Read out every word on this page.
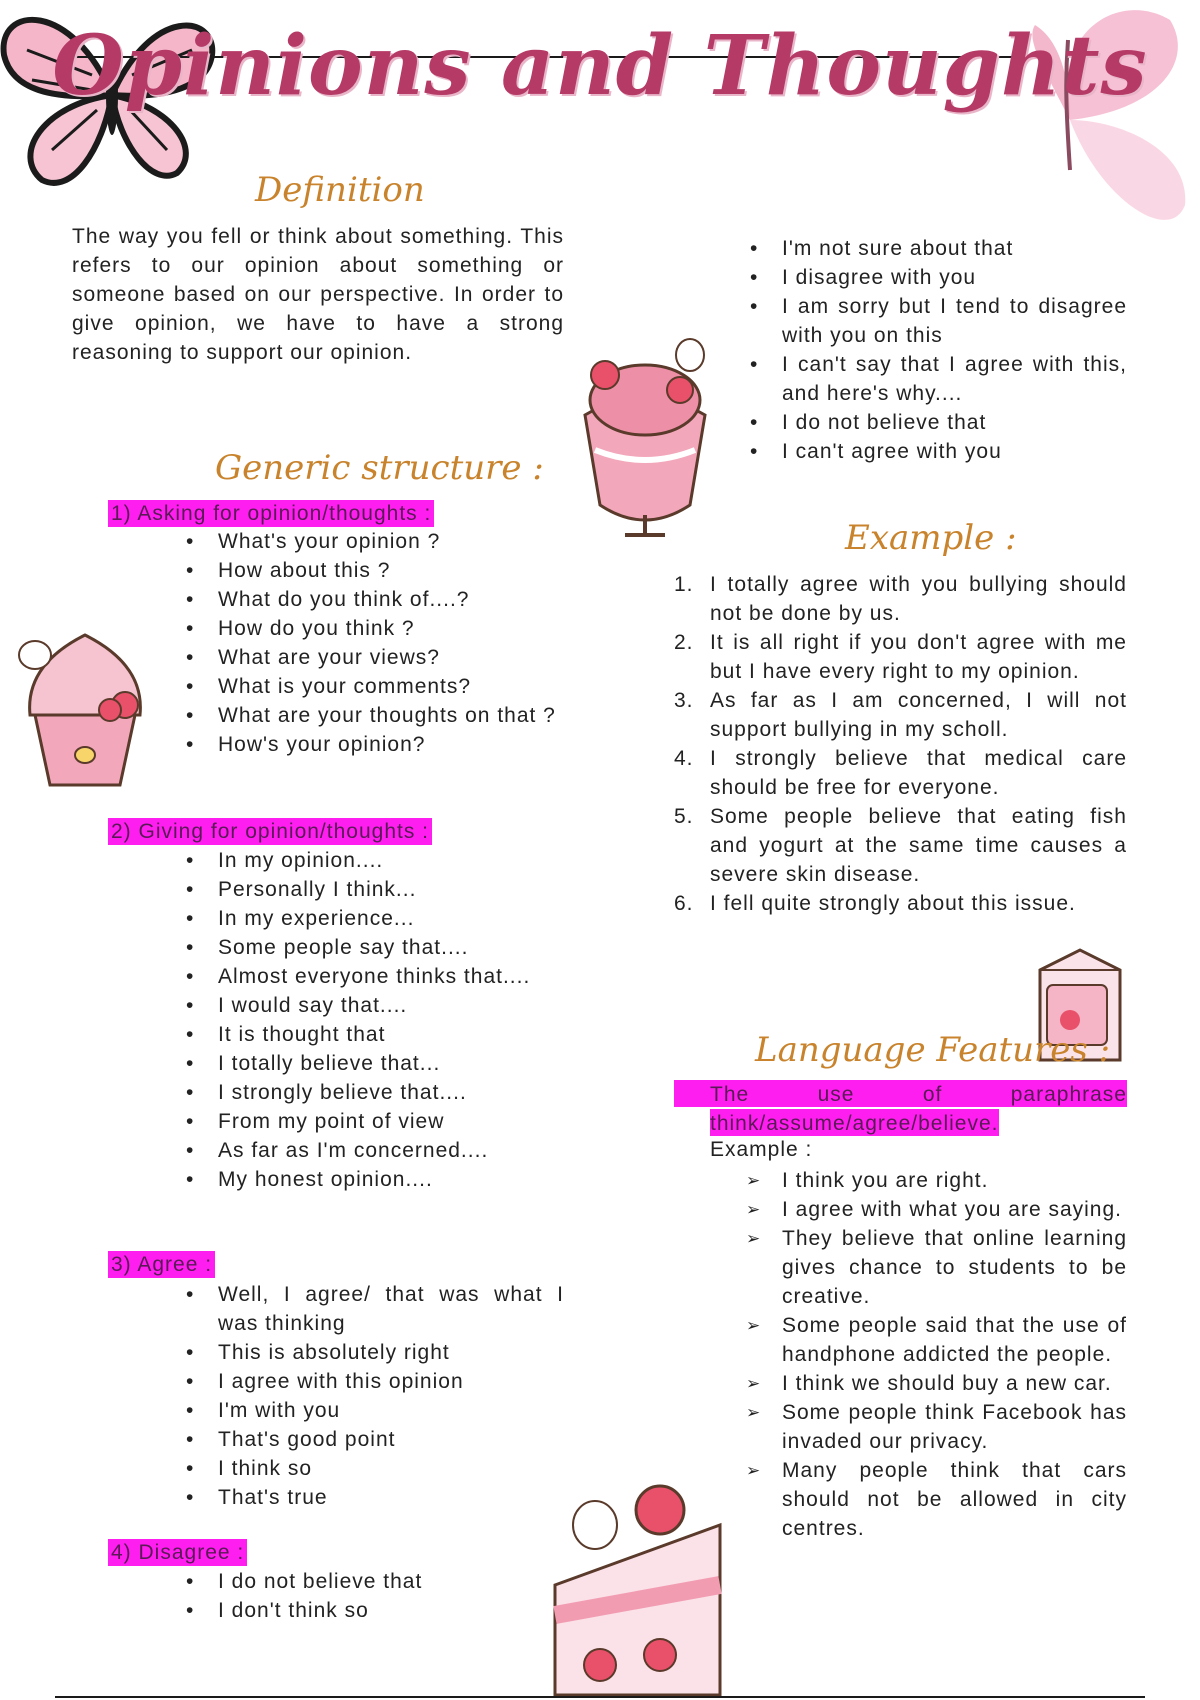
Opinions and Thoughts
Definition

The way you fell or think about something. This refers to our opinion about something or someone based on our perspective. In order to give opinion, we have to have a strong reasoning to support our opinion.

Generic structure :
1) Asking for opinion/thoughts :
• What's your opinion ?
• How about this ?
• What do you think of....?
• How do you think ?
• What are your views?
• What is your comments?
• What are your thoughts on that ?
• How's your opinion?
2) Giving for opinion/thoughts :
• In my opinion....
• Personally I think...
• In my experience...
• Some people say that....
• Almost everyone thinks that....
• I would say that....
• It is thought that
• I totally believe that...
• I strongly believe that....
• From my point of view
• As far as I'm concerned....
• My honest opinion....
3) Agree :
• Well, I agree/ that was what I was thinking
• This is absolutely right
• I agree with this opinion
• I'm with you
• That's good point
• I think so
• That's true
4) Disagree :
• I do not believe that
• I don't think so
• I'm not sure about that
• I disagree with you
• I am sorry but I tend to disagree with you on this
• I can't say that I agree with this, and here's why....
• I do not believe that
• I can't agree with you
Example :
1. I totally agree with you bullying should not be done by us.
2. It is all right if you don't agree with me but I have every right to my opinion.
3. As far as I am concerned, I will not support bullying in my scholl.
4. I strongly believe that medical care should be free for everyone.
5. Some people believe that eating fish and yogurt at the same time causes a severe skin disease.
6. I fell quite strongly about this issue.
Language Features :
The use of paraphrase
think/assume/agree/believe.
Example :
➢ I think you are right.
➢ I agree with what you are saying.
➢ They believe that online learning gives chance to students to be creative.
➢ Some people said that the use of handphone addicted the people.
➢ I think we should buy a new car.
➢ Some people think Facebook has invaded our privacy.
➢ Many people think that cars should not be allowed in city centres.
